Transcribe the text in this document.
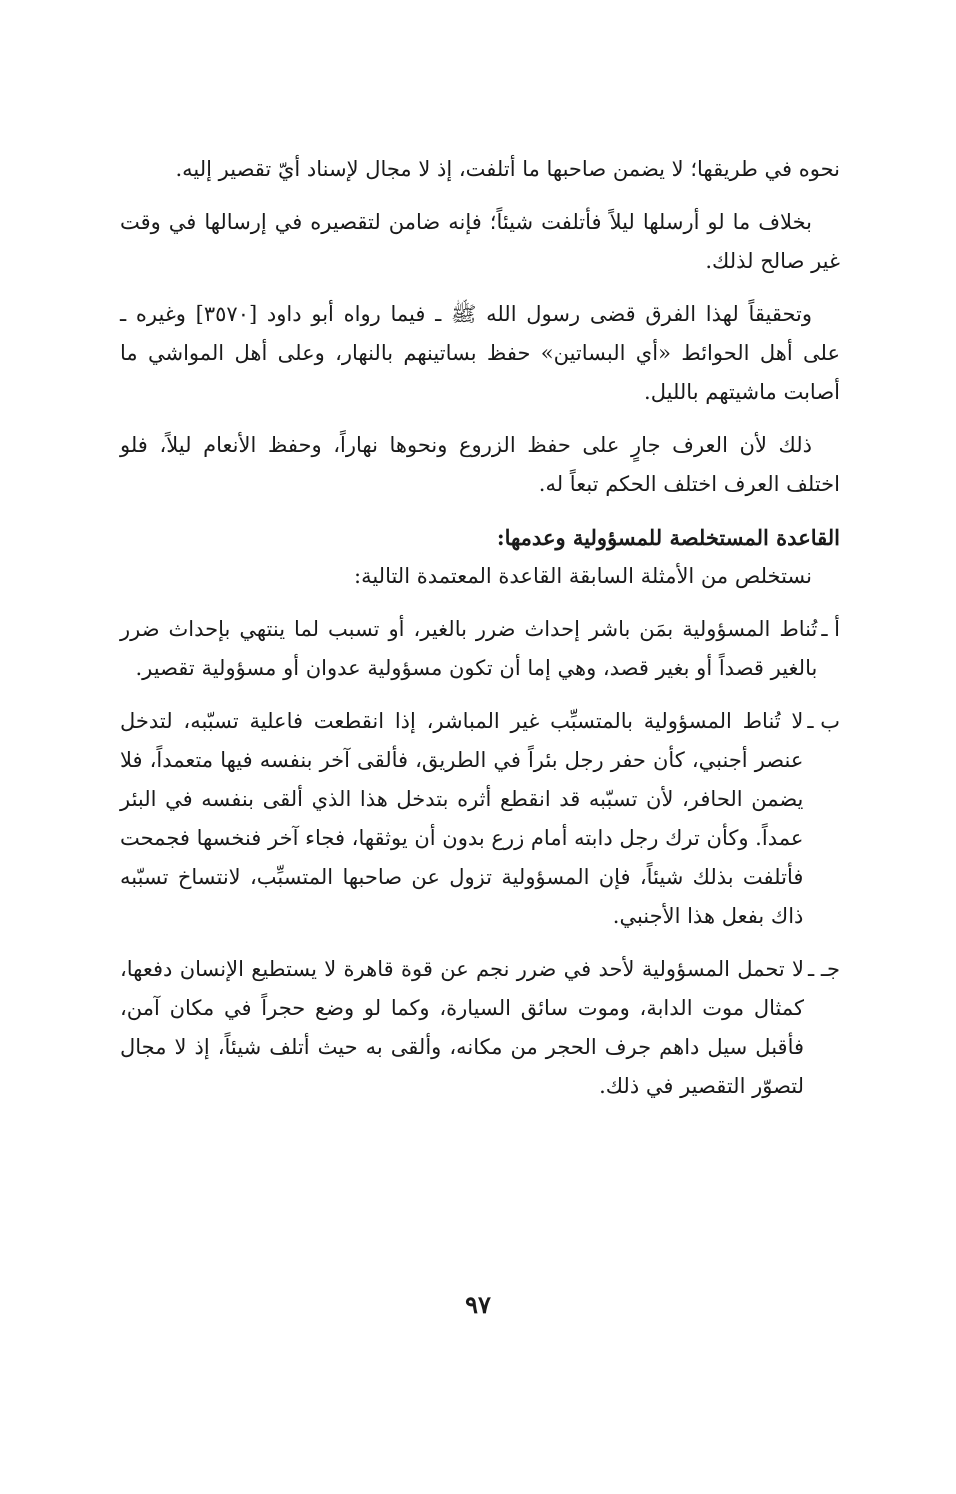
نحوه في طريقها؛ لا يضمن صاحبها ما أتلفت، إذ لا مجال لإسناد أيّ تقصير إليه.

بخلاف ما لو أرسلها ليلاً فأتلفت شيئاً؛ فإنه ضامن لتقصيره في إرسالها في وقت غير صالح لذلك.

وتحقيقاً لهذا الفرق قضى رسول الله ﷺ ـ فيما رواه أبو داود [٣٥٧٠] وغيره ـ على أهل الحوائط «أي البساتين» حفظ بساتينهم بالنهار، وعلى أهل المواشي ما أصابت ماشيتهم بالليل.

ذلك لأن العرف جارٍ على حفظ الزروع ونحوها نهاراً، وحفظ الأنعام ليلاً، فلو اختلف العرف اختلف الحكم تبعاً له.

القاعدة المستخلصة للمسؤولية وعدمها:
نستخلص من الأمثلة السابقة القاعدة المعتمدة التالية:
أ ـ
تُناط المسؤولية بمَن باشر إحداث ضرر بالغير، أو تسبب لما ينتهي بإحداث ضرر بالغير قصداً أو بغير قصد، وهي إما أن تكون مسؤولية عدوان أو مسؤولية تقصير.
ب ـ
لا تُناط المسؤولية بالمتسبِّب غير المباشر، إذا انقطعت فاعلية تسبّبه، لتدخل عنصر أجنبي، كأن حفر رجل بئراً في الطريق، فألقى آخر بنفسه فيها متعمداً، فلا يضمن الحافر، لأن تسبّبه قد انقطع أثره بتدخل هذا الذي ألقى بنفسه في البئر عمداً. وكأن ترك رجل دابته أمام زرع بدون أن يوثقها، فجاء آخر فنخسها فجمحت فأتلفت بذلك شيئاً، فإن المسؤولية تزول عن صاحبها المتسبِّب، لانتساخ تسبّبه ذاك بفعل هذا الأجنبي.
جـ ـ
لا تحمل المسؤولية لأحد في ضرر نجم عن قوة قاهرة لا يستطيع الإنسان دفعها، كمثال موت الدابة، وموت سائق السيارة، وكما لو وضع حجراً في مكان آمن، فأقبل سيل داهم جرف الحجر من مكانه، وألقى به حيث أتلف شيئاً، إذ لا مجال لتصوّر التقصير في ذلك.
٩٧
